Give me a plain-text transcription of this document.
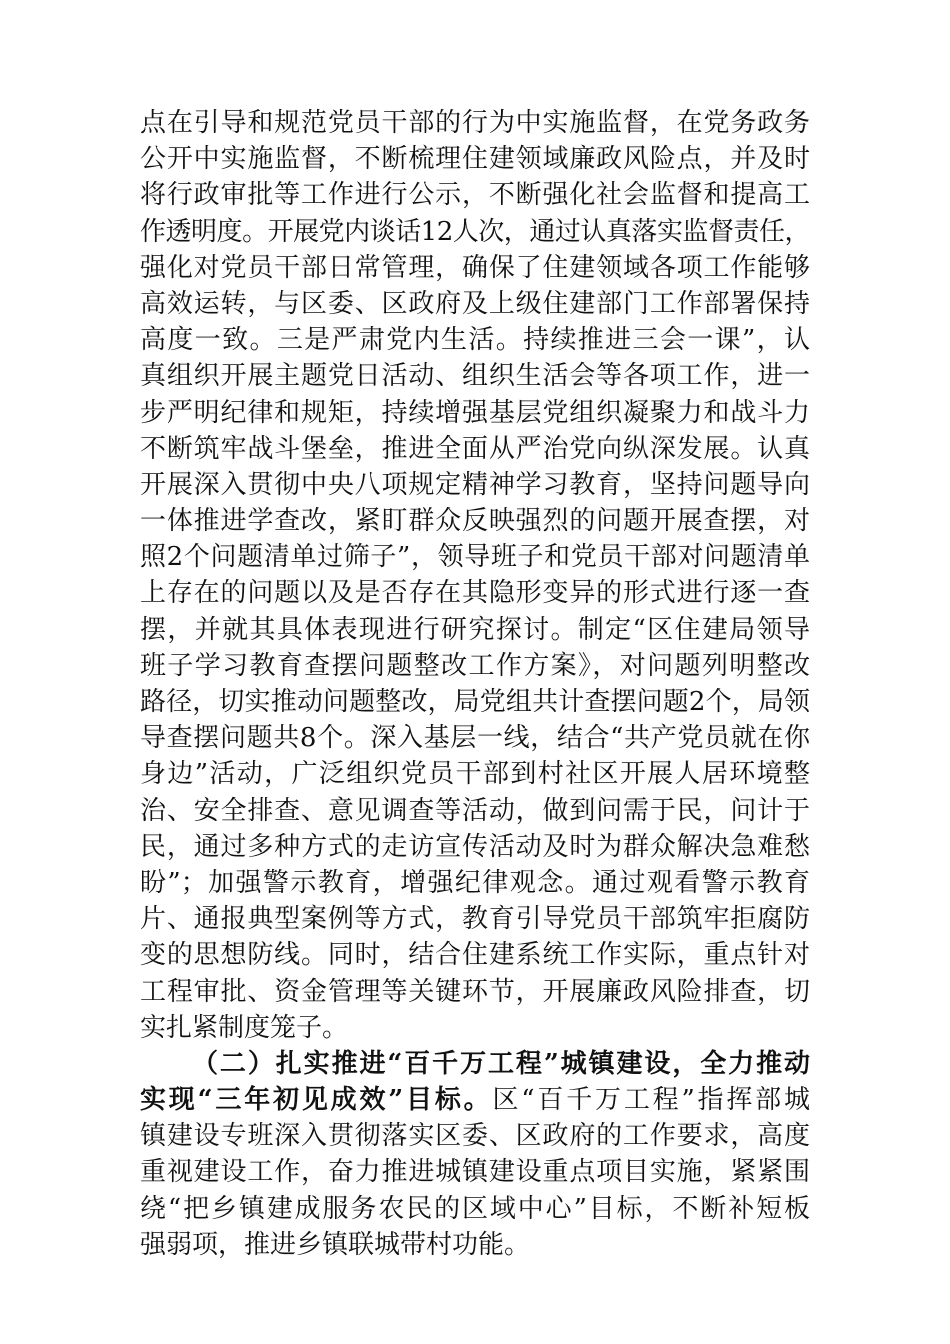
点在引导和规范党员干部的行为中实施监督，在党务政务
公开中实施监督，不断梳理住建领域廉政风险点，并及时
将行政审批等工作进行公示，不断强化社会监督和提高工
作透明度。开展党内谈话12人次，通过认真落实监督责任，
强化对党员干部日常管理，确保了住建领域各项工作能够
高效运转，与区委、区政府及上级住建部门工作部署保持
高度一致。三是严肃党内生活。持续推进三会一课”，认
真组织开展主题党日活动、组织生活会等各项工作，进一
步严明纪律和规矩，持续增强基层党组织凝聚力和战斗力
不断筑牢战斗堡垒，推进全面从严治党向纵深发展。认真
开展深入贯彻中央八项规定精神学习教育，坚持问题导向
一体推进学查改，紧盯群众反映强烈的问题开展查摆，对
照2个问题清单过筛子”，领导班子和党员干部对问题清单
上存在的问题以及是否存在其隐形变异的形式进行逐一查
摆，并就其具体表现进行研究探讨。制定“区住建局领导
班子学习教育查摆问题整改工作方案》，对问题列明整改
路径，切实推动问题整改，局党组共计查摆问题2个，局领
导查摆问题共8个。深入基层一线，结合“共产党员就在你
身边”活动，广泛组织党员干部到村社区开展人居环境整
治、安全排查、意见调查等活动，做到问需于民，问计于
民，通过多种方式的走访宣传活动及时为群众解决急难愁
盼”；加强警示教育，增强纪律观念。通过观看警示教育
片、通报典型案例等方式，教育引导党员干部筑牢拒腐防
变的思想防线。同时，结合住建系统工作实际，重点针对
工程审批、资金管理等关键环节，开展廉政风险排查，切
实扎紧制度笼子。
（二）扎实推进“百千万工程”城镇建设，全力推动
实现“三年初见成效”目标。区“百千万工程”指挥部城
镇建设专班深入贯彻落实区委、区政府的工作要求，高度
重视建设工作，奋力推进城镇建设重点项目实施，紧紧围
绕“把乡镇建成服务农民的区域中心”目标，不断补短板
强弱项，推进乡镇联城带村功能。
